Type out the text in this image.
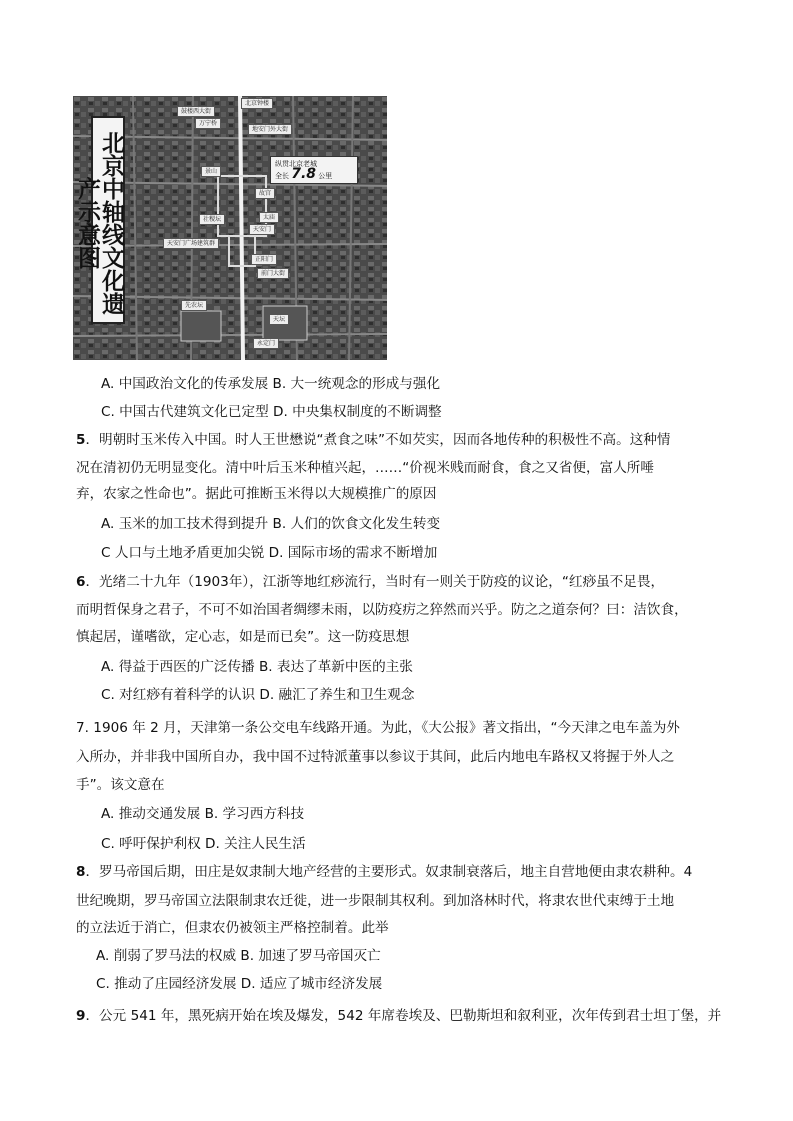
北京中轴线文化遗产示意图
北京钟楼
鼓楼西大街
万宁桥
地安门外大街
景山
故宫
社稷坛	太庙
天安门
天安门广场建筑群
正阳门
前门大街
天坛
先农坛
永定门
纵贯北京老城
全长 7.8 公里
A. 中国政治文化的传承发展 B. 大一统观念的形成与强化
C. 中国古代建筑文化已定型 D. 中央集权制度的不断调整
5．明朝时玉米传入中国。时人王世懋说“煮食之味”不如芡实，因而各地传种的积极性不高。这种情
况在清初仍无明显变化。清中叶后玉米种植兴起，……“价视米贱而耐食，食之又省便，富人所唾
弃，农家之性命也”。据此可推断玉米得以大规模推广的原因
A. 玉米的加工技术得到提升 B. 人们的饮食文化发生转变
C 人口与土地矛盾更加尖锐 D. 国际市场的需求不断增加
6．光绪二十九年（1903年），江浙等地红痧流行，当时有一则关于防疫的议论，“红痧虽不足畏，
而明哲保身之君子，不可不如治国者绸缪未雨，以防疫疠之猝然而兴乎。防之之道奈何？曰：洁饮食，
慎起居，谨嗜欲，定心志，如是而已矣”。这一防疫思想
A. 得益于西医的广泛传播 B. 表达了革新中医的主张
C. 对红痧有着科学的认识 D. 融汇了养生和卫生观念
7. 1906 年 2 月，天津第一条公交电车线路开通。为此，《大公报》著文指出，“今天津之电车盖为外
入所办，并非我中国所自办，我中国不过特派董事以参议于其间，此后内地电车路权又将握于外人之
手”。该文意在
A. 推动交通发展 B. 学习西方科技
C. 呼吁保护利权 D. 关注人民生活
8．罗马帝国后期，田庄是奴隶制大地产经营的主要形式。奴隶制衰落后，地主自营地便由隶农耕种。4
世纪晚期，罗马帝国立法限制隶农迁徙，进一步限制其权利。到加洛林时代，将隶农世代束缚于土地
的立法近于消亡，但隶农仍被领主严格控制着。此举
A. 削弱了罗马法的权威 B. 加速了罗马帝国灭亡
C. 推动了庄园经济发展 D. 适应了城市经济发展
9．公元 541 年，黑死病开始在埃及爆发，542 年席卷埃及、巴勒斯坦和叙利亚，次年传到君士坦丁堡，并
